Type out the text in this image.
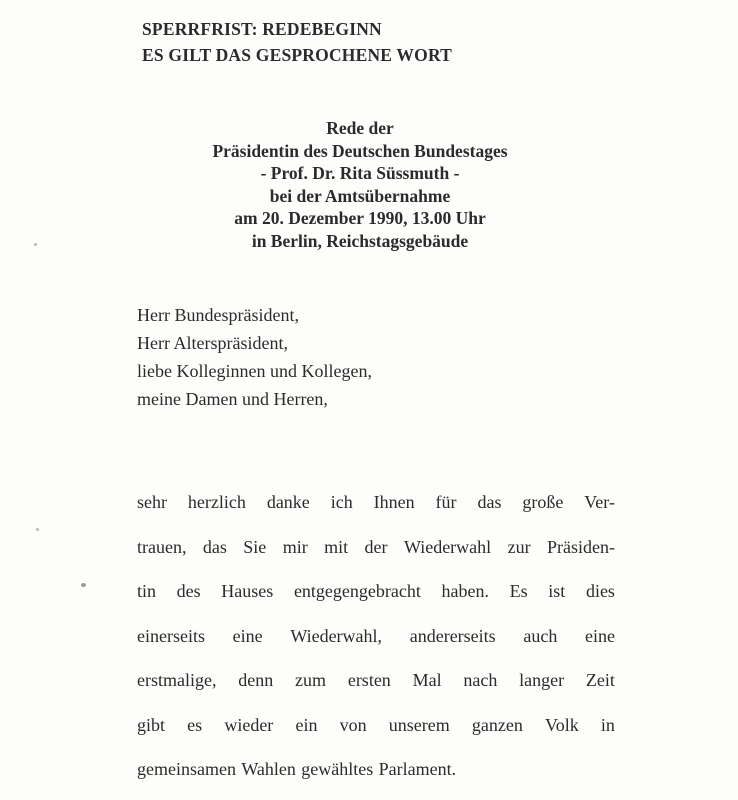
SPERRFRIST: REDEBEGINN
ES GILT DAS GESPROCHENE WORT
Rede der
Präsidentin des Deutschen Bundestages
- Prof. Dr. Rita Süssmuth -
bei der Amtsübernahme
am 20. Dezember 1990, 13.00 Uhr
in Berlin, Reichstagsgebäude
Herr Bundespräsident,
Herr Alterspräsident,
liebe Kolleginnen und Kollegen,
meine Damen und Herren,
sehr herzlich danke ich Ihnen für das große Ver-
trauen, das Sie mir mit der Wiederwahl zur Präsiden-
tin des Hauses entgegengebracht haben. Es ist dies
einerseits eine Wiederwahl, andererseits auch eine
erstmalige, denn zum ersten Mal nach langer Zeit
gibt es wieder ein von unserem ganzen Volk in
gemeinsamen Wahlen gewähltes Parlament.
